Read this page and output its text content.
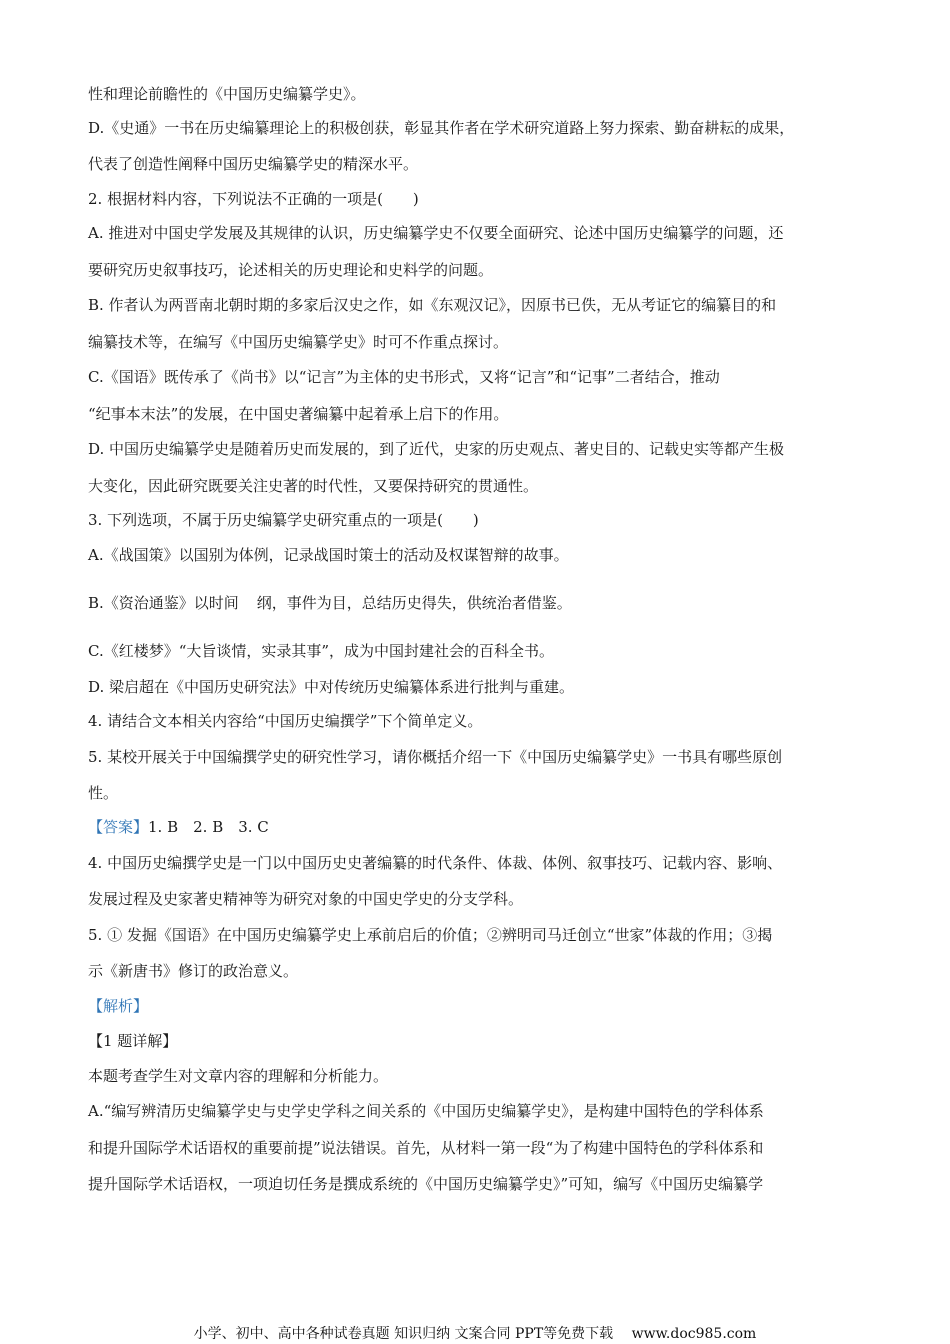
性和理论前瞻性的《中国历史编纂学史》。
D.《史通》一书在历史编纂理论上的积极创获，彰显其作者在学术研究道路上努力探索、勤奋耕耘的成果，
代表了创造性阐释中国历史编纂学史的精深水平。
2. 根据材料内容，下列说法不正确的一项是(　　)
A. 推进对中国史学发展及其规律的认识，历史编纂学史不仅要全面研究、论述中国历史编纂学的问题，还
要研究历史叙事技巧，论述相关的历史理论和史料学的问题。
B. 作者认为两晋南北朝时期的多家后汉史之作，如《东观汉记》，因原书已佚，无从考证它的编纂目的和
编纂技术等，在编写《中国历史编纂学史》时可不作重点探讨。
C.《国语》既传承了《尚书》以“记言”为主体的史书形式，又将“记言”和“记事”二者结合，推动
“纪事本末法”的发展，在中国史著编纂中起着承上启下的作用。
D. 中国历史编纂学史是随着历史而发展的，到了近代，史家的历史观点、著史目的、记载史实等都产生极
大变化，因此研究既要关注史著的时代性，又要保持研究的贯通性。
3. 下列选项，不属于历史编纂学史研究重点的一项是(　　)
A.《战国策》以国别为体例，记录战国时策士的活动及权谋智辩的故事。
B.《资治通鉴》以时间 纲，事件为目，总结历史得失，供统治者借鉴。
C.《红楼梦》“大旨谈情，实录其事”，成为中国封建社会的百科全书。
D. 梁启超在《中国历史研究法》中对传统历史编纂体系进行批判与重建。
4. 请结合文本相关内容给“中国历史编撰学”下个简单定义。
5. 某校开展关于中国编撰学史的研究性学习，请你概括介绍一下《中国历史编纂学史》一书具有哪些原创
性。
【答案】1. B　2. B　3. C
4. 中国历史编撰学史是一门以中国历史史著编纂的时代条件、体裁、体例、叙事技巧、记载内容、影响、
发展过程及史家著史精神等为研究对象的中国史学史的分支学科。
5. ① 发掘《国语》在中国历史编纂学史上承前启后的价值；②辨明司马迁创立“世家”体裁的作用；③揭
示《新唐书》修订的政治意义。
【解析】
【1 题详解】
本题考查学生对文章内容的理解和分析能力。
A.“编写辨清历史编纂学史与史学史学科之间关系的《中国历史编纂学史》，是构建中国特色的学科体系
和提升国际学术话语权的重要前提”说法错误。首先，从材料一第一段“为了构建中国特色的学科体系和
提升国际学术话语权，一项迫切任务是撰成系统的《中国历史编纂学史》”可知，编写《中国历史编纂学
小学、初中、高中各种试卷真题 知识归纳 文案合同 PPT等免费下载　 www.doc985.com
